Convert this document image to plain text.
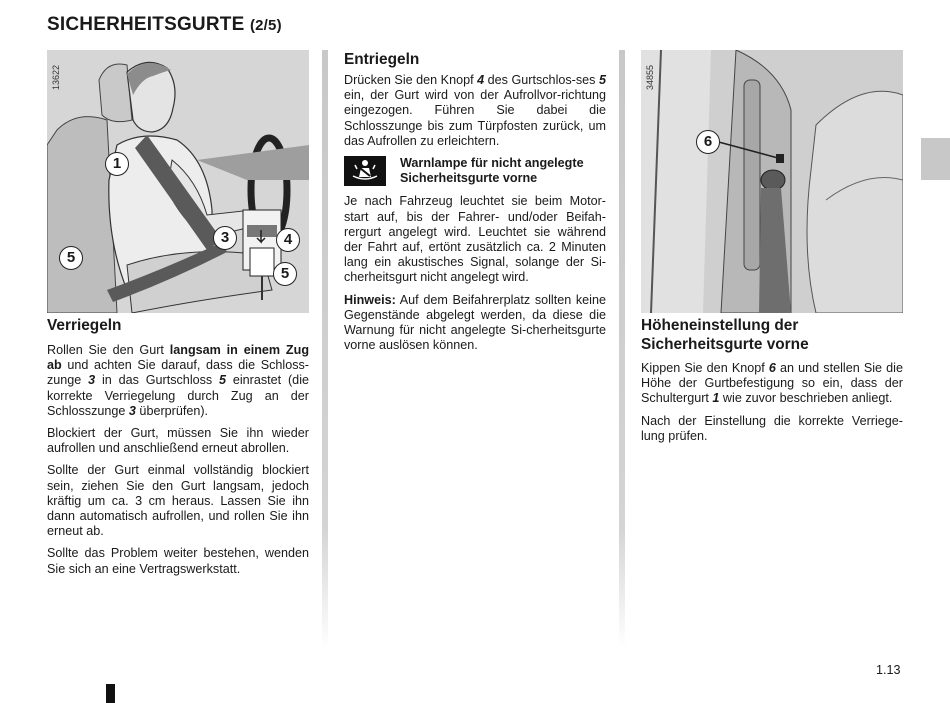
SICHERHEITSGURTE (2/5)
13622
1
3	4
5
5
34855
6
Verriegeln

Rollen Sie den Gurt langsam in einem Zug ab und achten Sie darauf, dass die Schloss-zunge 3 in das Gurtschloss 5 einrastet (die korrekte Verriegelung durch Zug an der Schlosszunge 3 überprüfen).

Blockiert der Gurt, müssen Sie ihn wieder aufrollen und anschließend erneut abrollen.

Sollte der Gurt einmal vollständig blockiert sein, ziehen Sie den Gurt langsam, jedoch kräftig um ca. 3 cm heraus. Lassen Sie ihn dann automatisch aufrollen, und rollen Sie ihn erneut ab.

Sollte das Problem weiter bestehen, wenden Sie sich an eine Vertragswerkstatt.

Entriegeln

Drücken Sie den Knopf 4 des Gurtschlos-ses 5 ein, der Gurt wird von der Aufrollvor-richtung eingezogen. Führen Sie dabei die Schlosszunge bis zum Türpfosten zurück, um das Aufrollen zu erleichtern.

Warnlampe für nicht angelegte Sicherheitsgurte vorne

Je nach Fahrzeug leuchtet sie beim Motor-start auf, bis der Fahrer- und/oder Beifah-rergurt angelegt wird. Leuchtet sie während der Fahrt auf, ertönt zusätzlich ca. 2 Minuten lang ein akustisches Signal, solange der Si-cherheitsgurt nicht angelegt wird.

Hinweis: Auf dem Beifahrerplatz sollten keine Gegenstände abgelegt werden, da diese die Warnung für nicht angelegte Si-cherheitsgurte vorne auslösen können.

Höheneinstellung der Sicherheitsgurte vorne

Kippen Sie den Knopf 6 an und stellen Sie die Höhe der Gurtbefestigung so ein, dass der Schultergurt 1 wie zuvor beschrieben anliegt.

Nach der Einstellung die korrekte Verriege-lung prüfen.

1.13
